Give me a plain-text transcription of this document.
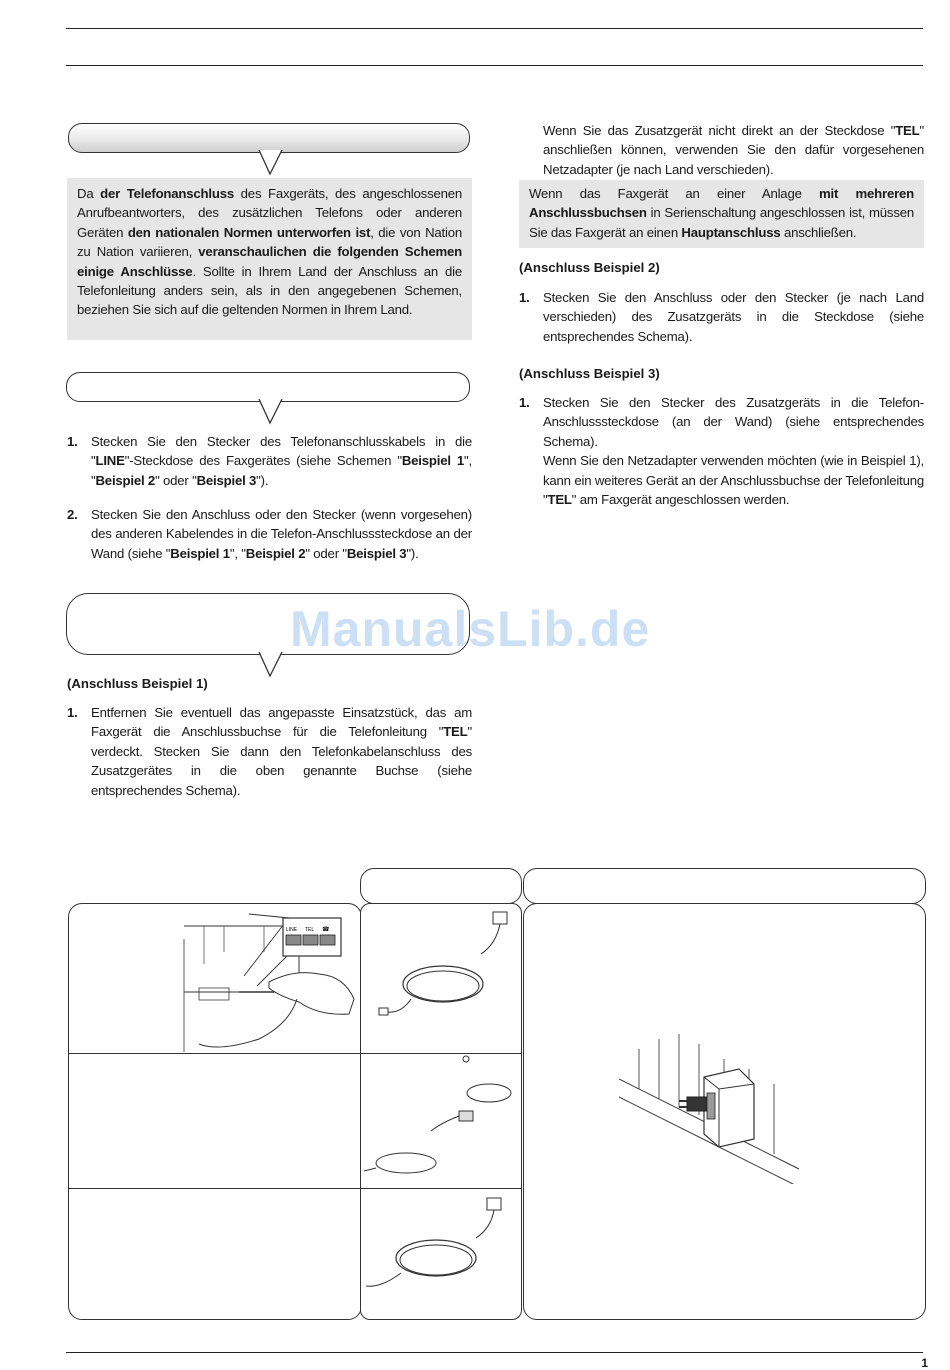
Da der Telefonanschluss des Faxgeräts, des angeschlossenen Anrufbeantworters, des zusätzlichen Telefons oder anderen Geräten den nationalen Normen unterworfen ist, die von Nation zu Nation variieren, veranschaulichen die folgenden Schemen einige Anschlüsse. Sollte in Ihrem Land der Anschluss an die Telefonleitung anders sein, als in den angegebenen Schemen, beziehen Sie sich auf die geltenden Normen in Ihrem Land.
1. Stecken Sie den Stecker des Telefonanschlusskabels in die "LINE"-Steckdose des Faxgerätes (siehe Schemen "Beispiel 1", "Beispiel 2" oder "Beispiel 3").
2. Stecken Sie den Anschluss oder den Stecker (wenn vorgesehen) des anderen Kabelendes in die Telefon-Anschlusssteckdose an der Wand (siehe "Beispiel 1", "Beispiel 2" oder "Beispiel 3").
(Anschluss Beispiel 1)
1. Entfernen Sie eventuell das angepasste Einsatzstück, das am Faxgerät die Anschlussbuchse für die Telefonleitung "TEL" verdeckt. Stecken Sie dann den Telefonkabelanschluss des Zusatzgerätes in die oben genannte Buchse (siehe entsprechendes Schema).
Wenn Sie das Zusatzgerät nicht direkt an der Steckdose "TEL" anschließen können, verwenden Sie den dafür vorgesehenen Netzadapter (je nach Land verschieden).
Wenn das Faxgerät an einer Anlage mit mehreren Anschlussbuchsen in Serienschaltung angeschlossen ist, müssen Sie das Faxgerät an einen Hauptanschluss anschließen.
(Anschluss Beispiel 2)
1. Stecken Sie den Anschluss oder den Stecker (je nach Land verschieden) des Zusatzgeräts in die Steckdose (siehe entsprechendes Schema).
(Anschluss Beispiel 3)
1. Stecken Sie den Stecker des Zusatzgeräts in die Telefon-Anschlusssteckdose (an der Wand) (siehe entsprechendes Schema).
Wenn Sie den Netzadapter verwenden möchten (wie in Beispiel 1), kann ein weiteres Gerät an der Anschlussbuchse der Telefonleitung "TEL" am Faxgerät angeschlossen werden.
ManualsLib.de
LINE TEL ☎
1
